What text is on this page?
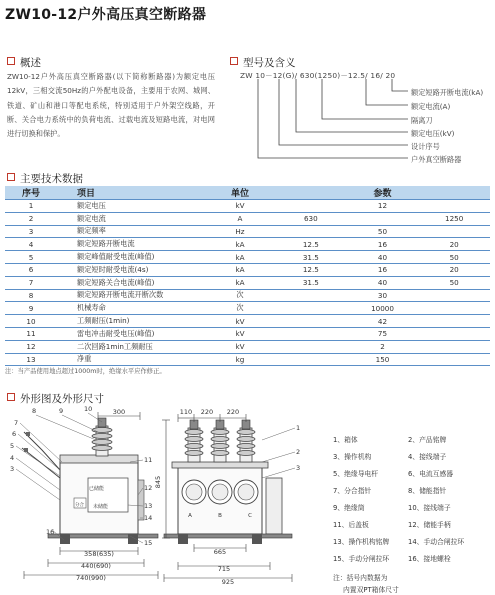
ZW10-12户外高压真空断路器
概述
ZW10-12户外高压真空断路器(以下简称断路器)为额定电压12kV，三相交流50Hz的户外配电设备，主要用于农网、城网、铁道、矿山和港口等配电系统，特别适用于户外架空线路，开断、关合电力系统中的负荷电流、过载电流及短路电流，对电网进行切换和保护。
型号及含义
ZW 10－12(G)/ 630(1250)－12.5/ 16/ 20
额定短路开断电流(kA)
额定电流(A)
隔离刀
额定电压(kV)
设计序号
户外真空断路器
主要技术数据
序号	项目	单位	参数
1	额定电压	kV	12

2	额定电流	A	630 1250

3	额定频率	Hz	50

4	额定短路开断电流	kA	12.5 16 20

5	额定峰值耐受电流(峰值)	kA	31.5 40 50

6	额定短时耐受电流(4s)	kA	12.5 16 20

7	额定短路关合电流(峰值)	kA	31.5 40 50

8	额定短路开断电流开断次数	次	30

9	机械寿命	次	10000

10	工频耐压(1min)	kV	42

11	雷电冲击耐受电压(峰值)	kV	75

12	二次回路1min工频耐压	kV	2

13	净重	kg	150
注：当产品使用地点超过1000m时，绝缘水平应作修正。
外形图及外形尺寸
已储能
未储能
分合
8	9	10
7
6
5
4
3
11
12
13
14
15
16
1
2
3
300
358(635)
440(690)
740(990)
A	B	C
110 220 220
665
715
925
845
1、箱体	2、产品铭牌
3、操作机构	4、接线端子
5、绝缘导电杆	6、电流互感器
7、分合指针	8、储能指针
9、绝缘筒	10、接线端子
11、后盖板	12、储能手柄
13、操作机构铭牌	14、手动合闸拉环
15、手动分闸拉环	16、接地螺栓
注：括号内数据为
内置双PT箱体尺寸
